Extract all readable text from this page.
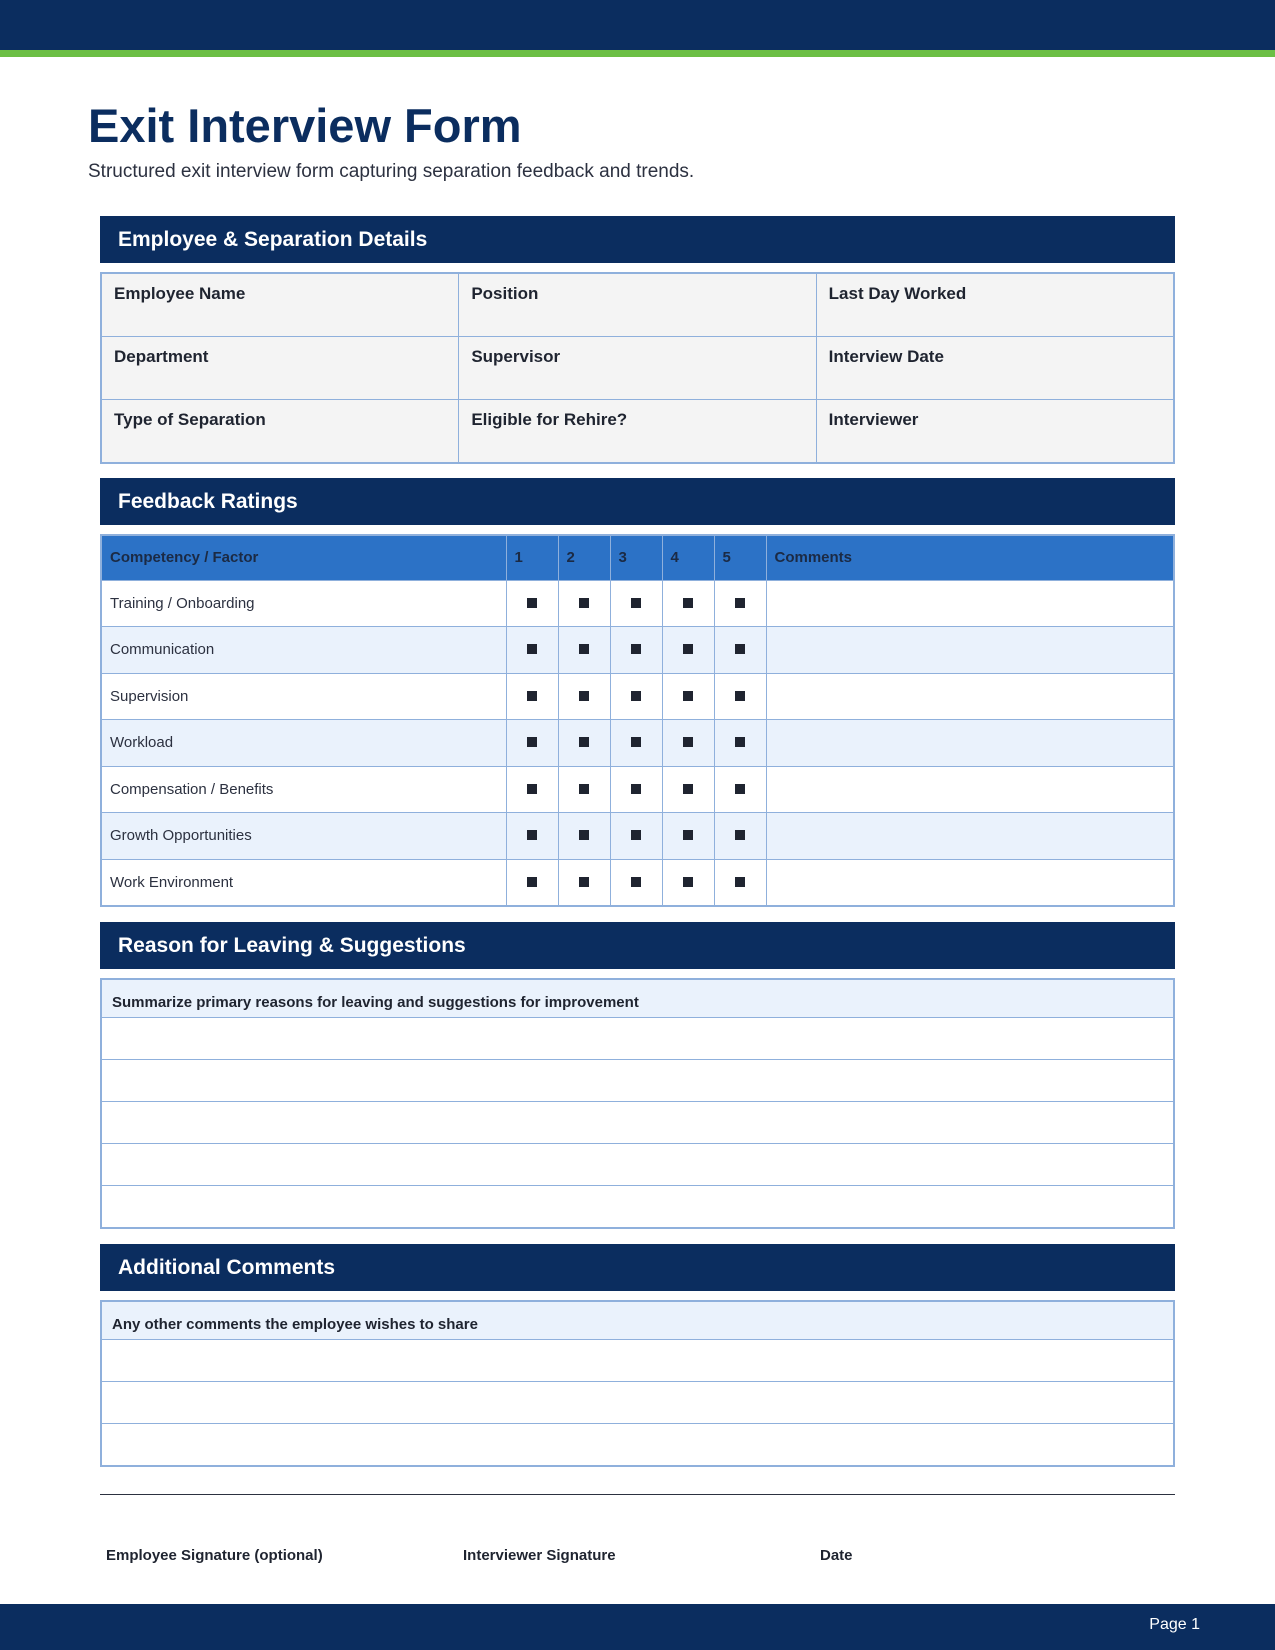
Exit Interview Form

Structured exit interview form capturing separation feedback and trends.

Employee & Separation Details
Employee Name	Position	Last Day Worked
Department	Supervisor	Interview Date
Type of Separation	Eligible for Rehire?	Interviewer
Feedback Ratings
Competency / Factor	1	2	3	4	5	Comments
Training / Onboarding						
Communication						
Supervision						
Workload						
Compensation / Benefits						
Growth Opportunities						
Work Environment						
Reason for Leaving & Suggestions
Summarize primary reasons for leaving and suggestions for improvement
Additional Comments
Any other comments the employee wishes to share
Employee Signature (optional)	Interviewer Signature	Date
Page 1
